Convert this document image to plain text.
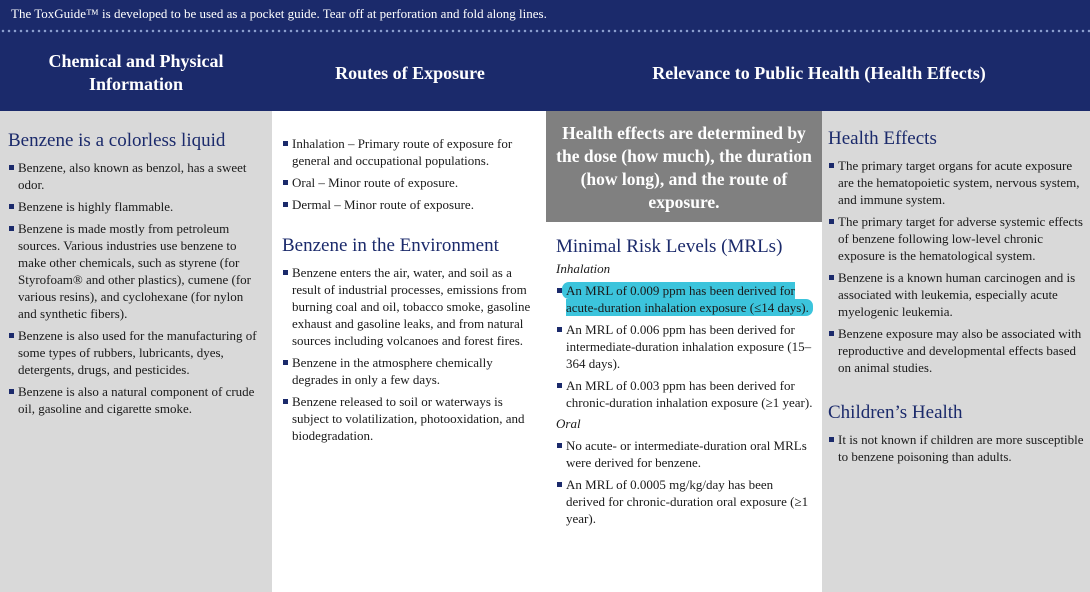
The ToxGuide™ is developed to be used as a pocket guide. Tear off at perforation and fold along lines.
Chemical and Physical Information
Routes of Exposure	Relevance to Public Health (Health Effects)
Benzene is a colorless liquid
Benzene, also known as benzol, has a sweet odor.
Benzene is highly flammable.
Benzene is made mostly from petroleum sources. Various industries use benzene to make other chemicals, such as styrene (for Styrofoam® and other plastics), cumene (for various resins), and cyclohexane (for nylon and synthetic fibers).
Benzene is also used for the manufacturing of some types of rubbers, lubricants, dyes, detergents, drugs, and pesticides.
Benzene is also a natural component of crude oil, gasoline and cigarette smoke.
Inhalation – Primary route of exposure for general and occupational populations.
Oral – Minor route of exposure.
Dermal – Minor route of exposure.
Benzene in the Environment
Benzene enters the air, water, and soil as a result of industrial processes, emissions from burning coal and oil, tobacco smoke, gasoline exhaust and gasoline leaks, and from natural sources including volcanoes and forest fires.
Benzene in the atmosphere chemically degrades in only a few days.
Benzene released to soil or waterways is subject to volatilization, photooxidation, and biodegradation.
Health effects are determined by the dose (how much), the duration (how long), and the route of exposure.
Minimal Risk Levels (MRLs)
Inhalation
An MRL of 0.009 ppm has been derived for acute-duration inhalation exposure (≤14 days).
An MRL of 0.006 ppm has been derived for intermediate-duration inhalation exposure (15–364 days).
An MRL of 0.003 ppm has been derived for chronic-duration inhalation exposure (≥1 year).
Oral
No acute- or intermediate-duration oral MRLs were derived for benzene.
An MRL of 0.0005 mg/kg/day has been derived for chronic-duration oral exposure (≥1 year).
Health Effects
The primary target organs for acute exposure are the hematopoietic system, nervous system, and immune system.
The primary target for adverse systemic effects of benzene following low-level chronic exposure is the hematological system.
Benzene is a known human carcinogen and is associated with leukemia, especially acute myelogenic leukemia.
Benzene exposure may also be associated with reproductive and developmental effects based on animal studies.
Children’s Health
It is not known if children are more susceptible to benzene poisoning than adults.
